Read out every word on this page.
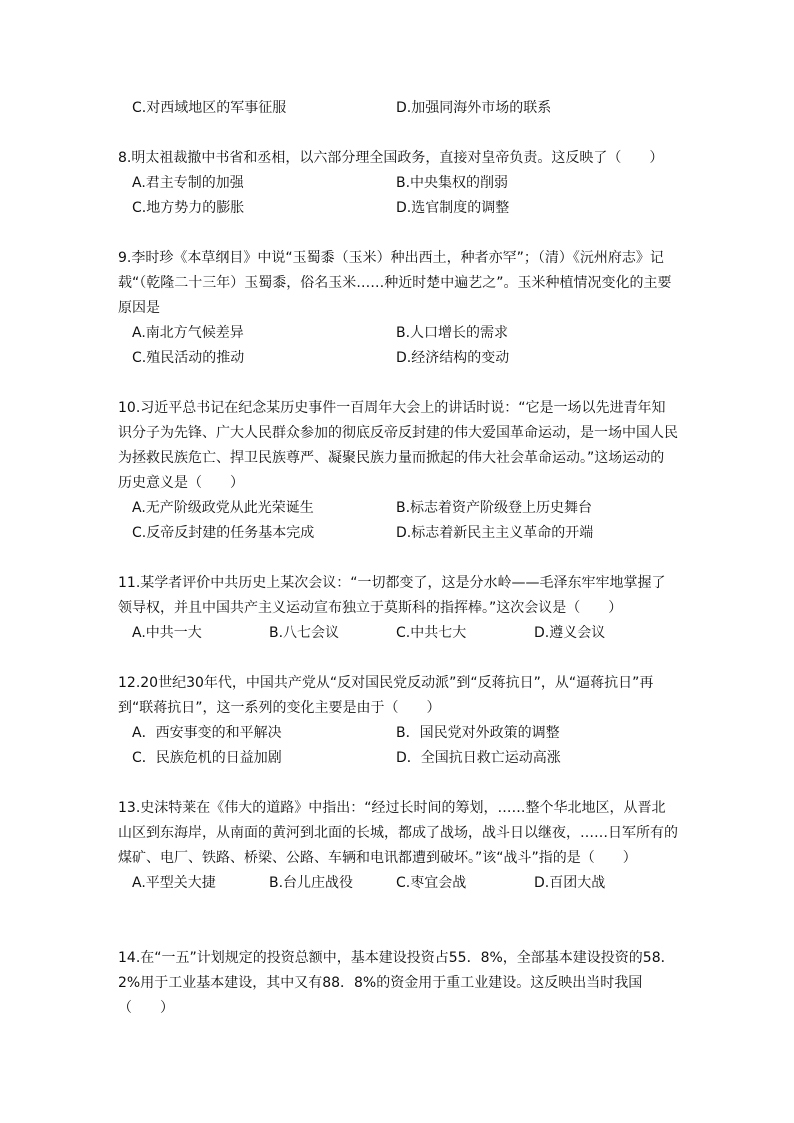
C.对西域地区的军事征服	D.加强同海外市场的联系

8.明太祖裁撤中书省和丞相，以六部分理全国政务，直接对皇帝负责。这反映了（　　）

A.君主专制的加强	B.中央集权的削弱
C.地方势力的膨胀	D.选官制度的调整

9.李时珍《本草纲目》中说“玉蜀黍（玉米）种出西土，种者亦罕”；（清）《沅州府志》记载“（乾隆二十三年）玉蜀黍，俗名玉米……种近时楚中遍艺之”。玉米种植情况变化的主要原因是

A.南北方气候差异	B.人口增长的需求
C.殖民活动的推动	D.经济结构的变动

10.习近平总书记在纪念某历史事件一百周年大会上的讲话时说：“它是一场以先进青年知识分子为先锋、广大人民群众参加的彻底反帝反封建的伟大爱国革命运动，是一场中国人民为拯救民族危亡、捍卫民族尊严、凝聚民族力量而掀起的伟大社会革命运动。”这场运动的历史意义是（　　）

A.无产阶级政党从此光荣诞生	B.标志着资产阶级登上历史舞台
C.反帝反封建的任务基本完成	D.标志着新民主主义革命的开端

11.某学者评价中共历史上某次会议：“一切都变了，这是分水岭——毛泽东牢牢地掌握了领导权，并且中国共产主义运动宣布独立于莫斯科的指挥棒。”这次会议是（　　）

A.中共一大	B.八七会议	C.中共七大	D.遵义会议

12.20世纪30年代，中国共产党从“反对国民党反动派”到“反蒋抗日”，从“逼蒋抗日”再到“联蒋抗日”，这一系列的变化主要是由于（　　）

A．西安事变的和平解决	B．国民党对外政策的调整
C．民族危机的日益加剧	D．全国抗日救亡运动高涨

13.史沫特莱在《伟大的道路》中指出：“经过长时间的筹划，……整个华北地区，从晋北山区到东海岸，从南面的黄河到北面的长城，都成了战场，战斗日以继夜，……日军所有的煤矿、电厂、铁路、桥梁、公路、车辆和电讯都遭到破坏。”该“战斗”指的是（　　）

A.平型关大捷	B.台儿庄战役	C.枣宜会战	D.百团大战

14.在“一五”计划规定的投资总额中，基本建设投资占55．8%，全部基本建设投资的58．2%用于工业基本建设，其中又有88．8%的资金用于重工业建设。这反映出当时我国（　　）
